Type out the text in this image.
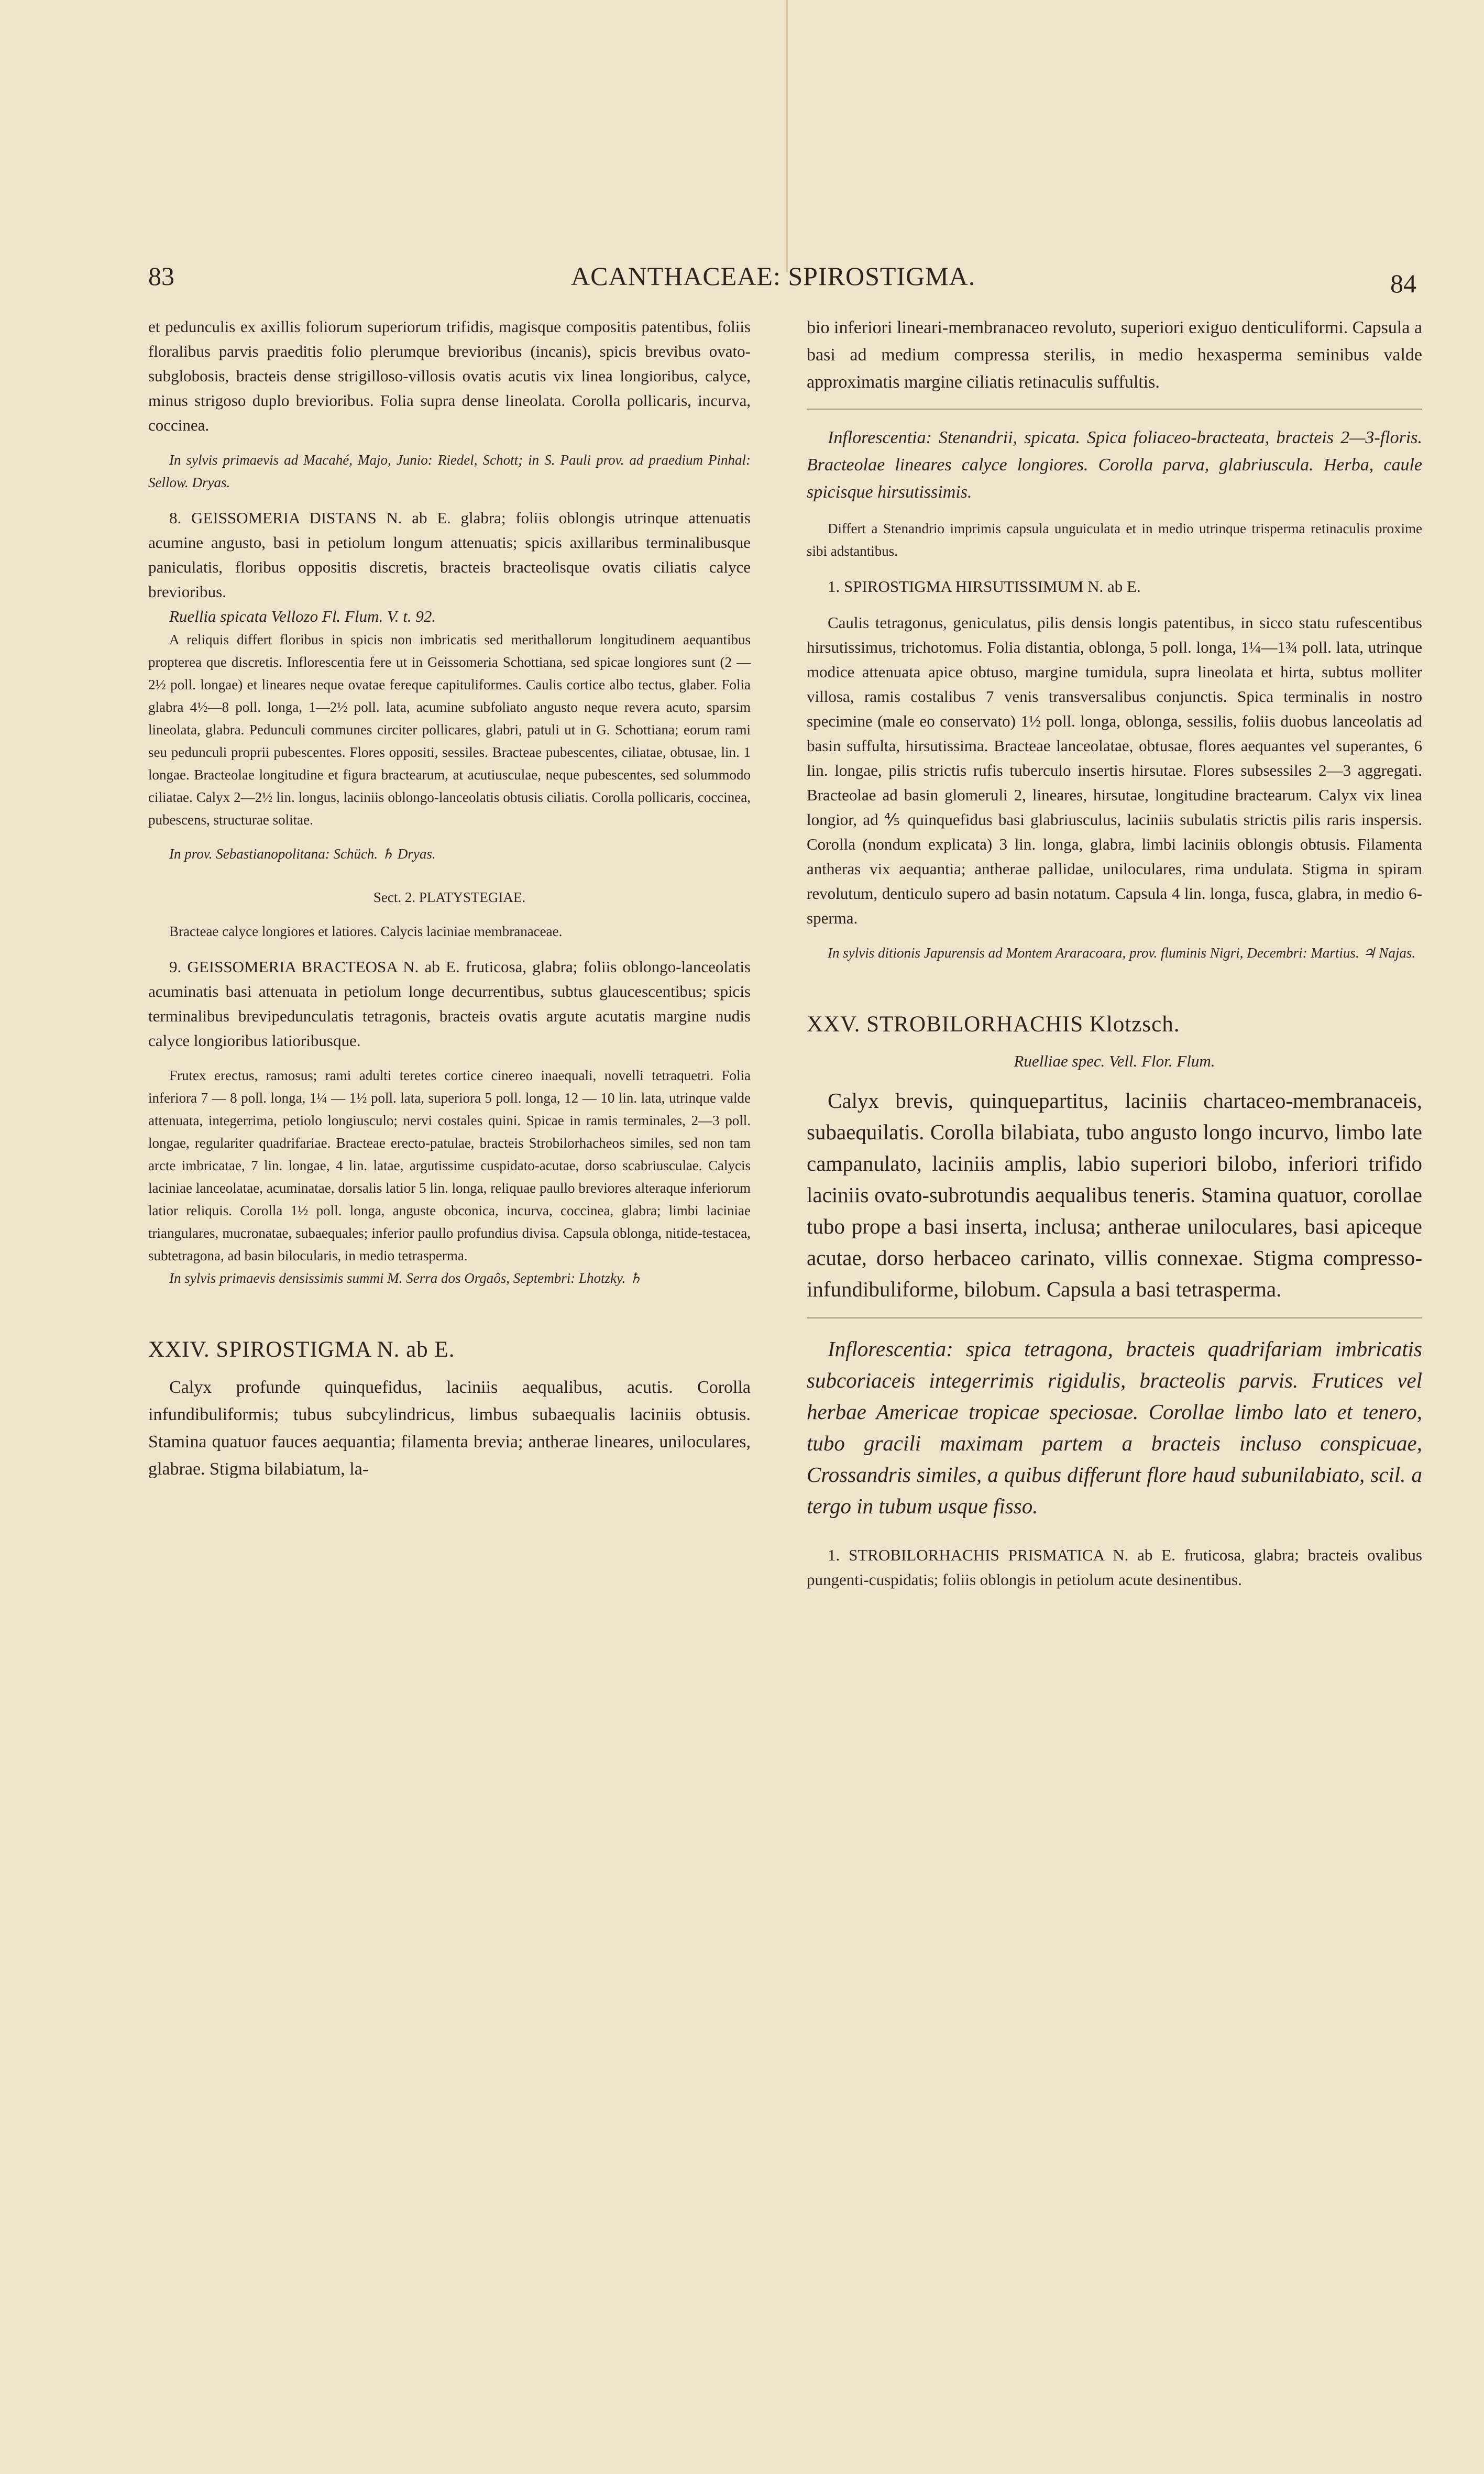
83	ACANTHACEAE: SPIROSTIGMA.	84

et pedunculis ex axillis foliorum superiorum trifidis, magisque compositis patentibus, foliis floralibus parvis praeditis folio plerumque brevioribus (incanis), spicis brevibus ovato-subglobosis, bracteis dense strigilloso-villosis ovatis acutis vix linea longioribus, calyce, minus strigoso duplo brevioribus. Folia supra dense lineolata. Corolla pollicaris, incurva, coccinea.

In sylvis primaevis ad Macahé, Majo, Junio: Riedel, Schott; in S. Pauli prov. ad praedium Pinhal: Sellow. Dryas.

8. GEISSOMERIA DISTANS N. ab E. glabra; foliis oblongis utrinque attenuatis acumine angusto, basi in petiolum longum attenuatis; spicis axillaribus terminalibusque paniculatis, floribus oppositis discretis, bracteis bracteolisque ovatis ciliatis calyce brevioribus.

Ruellia spicata Vellozo Fl. Flum. V. t. 92.

A reliquis differt floribus in spicis non imbricatis sed merithallorum longitudinem aequantibus propterea que discretis. Inflorescentia fere ut in Geissomeria Schottiana, sed spicae longiores sunt (2 — 2½ poll. longae) et lineares neque ovatae fereque capituliformes. Caulis cortice albo tectus, glaber. Folia glabra 4½—8 poll. longa, 1—2½ poll. lata, acumine subfoliato angusto neque revera acuto, sparsim lineolata, glabra. Pedunculi communes circiter pollicares, glabri, patuli ut in G. Schottiana; eorum rami seu pedunculi proprii pubescentes. Flores oppositi, sessiles. Bracteae pubescentes, ciliatae, obtusae, lin. 1 longae. Bracteolae longitudine et figura bractearum, at acutiusculae, neque pubescentes, sed solummodo ciliatae. Calyx 2—2½ lin. longus, laciniis oblongo-lanceolatis obtusis ciliatis. Corolla pollicaris, coccinea, pubescens, structurae solitae.

In prov. Sebastianopolitana: Schüch. ♄ Dryas.

Sect. 2. PLATYSTEGIAE.

Bracteae calyce longiores et latiores. Calycis laciniae membranaceae.

9. GEISSOMERIA BRACTEOSA N. ab E. fruticosa, glabra; foliis oblongo-lanceolatis acuminatis basi attenuata in petiolum longe decurrentibus, subtus glaucescentibus; spicis terminalibus brevipedunculatis tetragonis, bracteis ovatis argute acutatis margine nudis calyce longioribus latioribusque.

Frutex erectus, ramosus; rami adulti teretes cortice cinereo inaequali, novelli tetraquetri. Folia inferiora 7 — 8 poll. longa, 1¼ — 1½ poll. lata, superiora 5 poll. longa, 12 — 10 lin. lata, utrinque valde attenuata, integerrima, petiolo longiusculo; nervi costales quini. Spicae in ramis terminales, 2—3 poll. longae, regulariter quadrifariae. Bracteae erecto-patulae, bracteis Strobilorhacheos similes, sed non tam arcte imbricatae, 7 lin. longae, 4 lin. latae, argutissime cuspidato-acutae, dorso scabriusculae. Calycis laciniae lanceolatae, acuminatae, dorsalis latior 5 lin. longa, reliquae paullo breviores alteraque inferiorum latior reliquis. Corolla 1½ poll. longa, anguste obconica, incurva, coccinea, glabra; limbi laciniae triangulares, mucronatae, subaequales; inferior paullo profundius divisa. Capsula oblonga, nitide-testacea, subtetragona, ad basin bilocularis, in medio tetrasperma.

In sylvis primaevis densissimis summi M. Serra dos Orgaôs, Septembri: Lhotzky. ♄

XXIV. SPIROSTIGMA N. ab E.

Calyx profunde quinquefidus, laciniis aequalibus, acutis. Corolla infundibuliformis; tubus subcylindricus, limbus subaequalis laciniis obtusis. Stamina quatuor fauces aequantia; filamenta brevia; antherae lineares, uniloculares, glabrae. Stigma bilabiatum, la-

bio inferiori lineari-membranaceo revoluto, superiori exiguo denticuliformi. Capsula a basi ad medium compressa sterilis, in medio hexasperma seminibus valde approximatis margine ciliatis retinaculis suffultis.

Inflorescentia: Stenandrii, spicata. Spica foliaceo-bracteata, bracteis 2—3-floris. Bracteolae lineares calyce longiores. Corolla parva, glabriuscula. Herba, caule spicisque hirsutissimis.

Differt a Stenandrio imprimis capsula unguiculata et in medio utrinque trisperma retinaculis proxime sibi adstantibus.

1. SPIROSTIGMA HIRSUTISSIMUM N. ab E.

Caulis tetragonus, geniculatus, pilis densis longis patentibus, in sicco statu rufescentibus hirsutissimus, trichotomus. Folia distantia, oblonga, 5 poll. longa, 1¼—1¾ poll. lata, utrinque modice attenuata apice obtuso, margine tumidula, supra lineolata et hirta, subtus molliter villosa, ramis costalibus 7 venis transversalibus conjunctis. Spica terminalis in nostro specimine (male eo conservato) 1½ poll. longa, oblonga, sessilis, foliis duobus lanceolatis ad basin suffulta, hirsutissima. Bracteae lanceolatae, obtusae, flores aequantes vel superantes, 6 lin. longae, pilis strictis rufis tuberculo insertis hirsutae. Flores subsessiles 2—3 aggregati. Bracteolae ad basin glomeruli 2, lineares, hirsutae, longitudine bractearum. Calyx vix linea longior, ad ⅘ quinquefidus basi glabriusculus, laciniis subulatis strictis pilis raris inspersis. Corolla (nondum explicata) 3 lin. longa, glabra, limbi laciniis oblongis obtusis. Filamenta antheras vix aequantia; antherae pallidae, uniloculares, rima undulata. Stigma in spiram revolutum, denticulo supero ad basin notatum. Capsula 4 lin. longa, fusca, glabra, in medio 6-sperma.

In sylvis ditionis Japurensis ad Montem Araracoara, prov. fluminis Nigri, Decembri: Martius. ♃ Najas.

XXV. STROBILORHACHIS Klotzsch.

Ruelliae spec. Vell. Flor. Flum.

Calyx brevis, quinquepartitus, laciniis chartaceo-membranaceis, subaequilatis. Corolla bilabiata, tubo angusto longo incurvo, limbo late campanulato, laciniis amplis, labio superiori bilobo, inferiori trifido laciniis ovato-subrotundis aequalibus teneris. Stamina quatuor, corollae tubo prope a basi inserta, inclusa; antherae uniloculares, basi apiceque acutae, dorso herbaceo carinato, villis connexae. Stigma compresso-infundibuliforme, bilobum. Capsula a basi tetrasperma.

Inflorescentia: spica tetragona, bracteis quadrifariam imbricatis subcoriaceis integerrimis rigidulis, bracteolis parvis. Frutices vel herbae Americae tropicae speciosae. Corollae limbo lato et tenero, tubo gracili maximam partem a bracteis incluso conspicuae, Crossandris similes, a quibus differunt flore haud subunilabiato, scil. a tergo in tubum usque fisso.

1. STROBILORHACHIS PRISMATICA N. ab E. fruticosa, glabra; bracteis ovalibus pungenti-cuspidatis; foliis oblongis in petiolum acute desinentibus.
